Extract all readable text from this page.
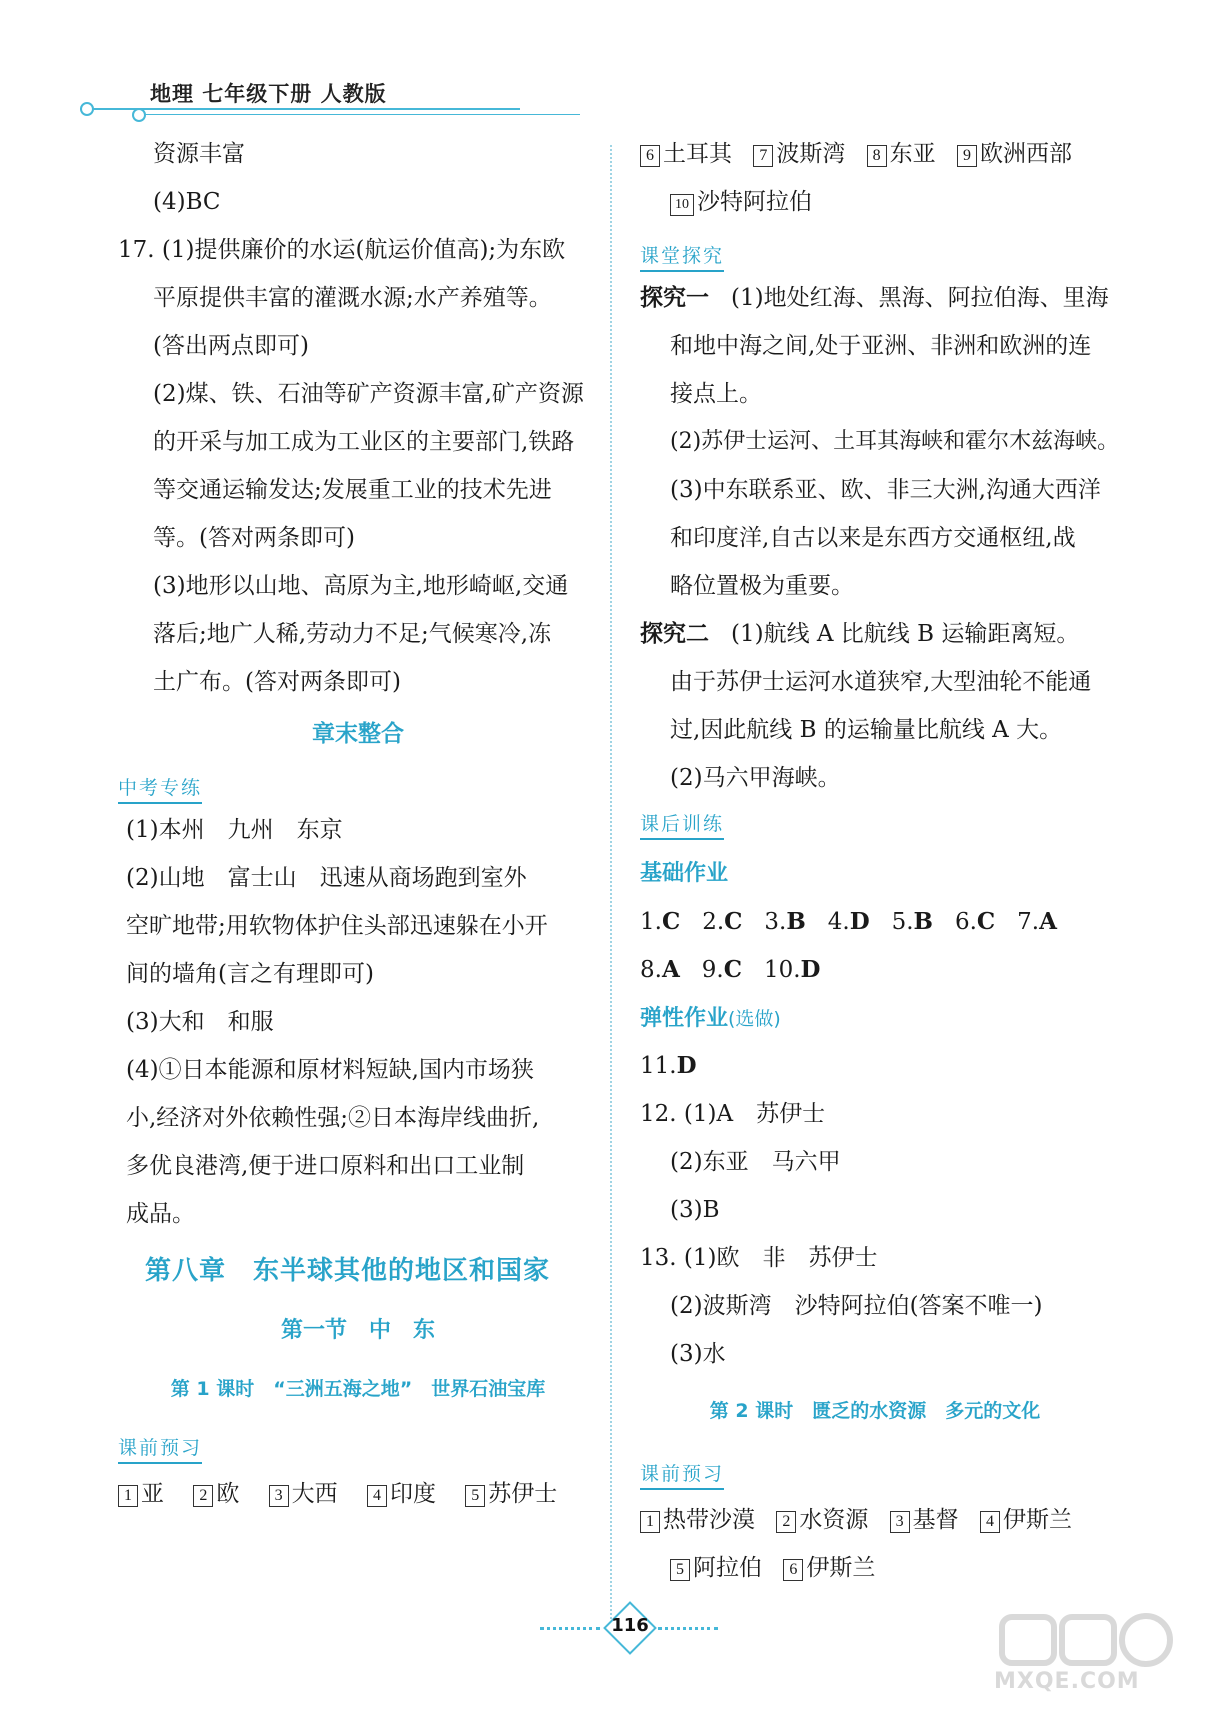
地理 七年级下册 人教版
资源丰富
(4)BC
17. (1)提供廉价的水运(航运价值高);为东欧
平原提供丰富的灌溉水源;水产养殖等。
(答出两点即可)
(2)煤、铁、石油等矿产资源丰富,矿产资源
的开采与加工成为工业区的主要部门,铁路
等交通运输发达;发展重工业的技术先进
等。(答对两条即可)
(3)地形以山地、高原为主,地形崎岖,交通
落后;地广人稀,劳动力不足;气候寒冷,冻
土广布。(答对两条即可)
章末整合
中考专练
(1)本州　九州　东京
(2)山地　富士山　迅速从商场跑到室外
空旷地带;用软物体护住头部迅速躲在小开
间的墙角(言之有理即可)
(3)大和　和服
(4)①日本能源和原材料短缺,国内市场狭
小,经济对外依赖性强;②日本海岸线曲折,
多优良港湾,便于进口原料和出口工业制
成品。
第八章　东半球其他的地区和国家
第一节　中　东
第 1 课时　“三洲五海之地”　世界石油宝库
课前预习
1 亚 2 欧 3 大西 4 印度 5 苏伊士
6 土耳其 7 波斯湾 8 东亚 9 欧洲西部
10 沙特阿拉伯
课堂探究
探究一 (1)地处红海、黑海、阿拉伯海、里海
和地中海之间,处于亚洲、非洲和欧洲的连
接点上。
(2)苏伊士运河、土耳其海峡和霍尔木兹海峡。
(3)中东联系亚、欧、非三大洲,沟通大西洋
和印度洋,自古以来是东西方交通枢纽,战
略位置极为重要。
探究二 (1)航线 A 比航线 B 运输距离短。
由于苏伊士运河水道狭窄,大型油轮不能通
过,因此航线 B 的运输量比航线 A 大。
(2)马六甲海峡。
课后训练
基础作业
1.C 2.C 3.B 4.D 5.B 6.C 7.A
8.A 9.C 10.D
弹性作业(选做)
11.D
12. (1)A　苏伊士
(2)东亚　马六甲
(3)B
13. (1)欧　非　苏伊士
(2)波斯湾　沙特阿拉伯(答案不唯一)
(3)水
第 2 课时　匮乏的水资源　多元的文化
课前预习
1 热带沙漠 2 水资源 3 基督 4 伊斯兰
5 阿拉伯 6 伊斯兰
116
MXQE.COM
